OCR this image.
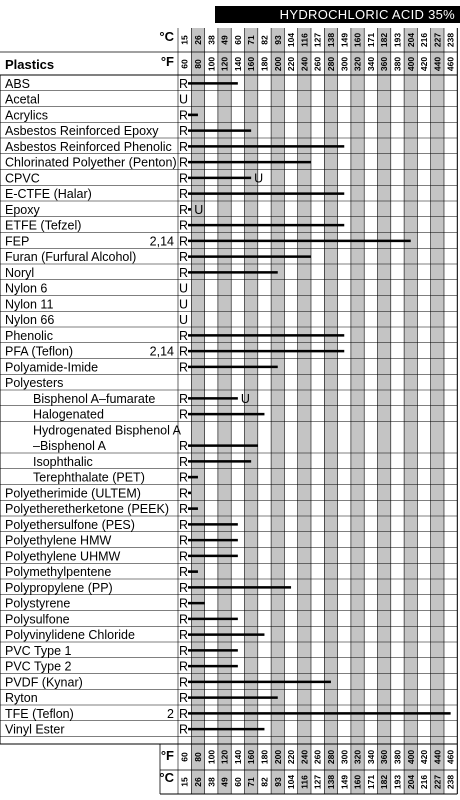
HYDROCHLORIC ACID 35%
°C
°F
Plastics
°F
°C
15
60
60
15
26
80
80
26
38
100
100
38
49
120
120
49
60
140
140
60
71
160
160
71
82
180
180
82
93
200
200
93
104
220
220
104
116
240
240
116
127
260
260
127
138
280
280
138
149
300
300
149
160
320
320
160
171
340
340
171
182
360
360
182
193
380
380
193
204
400
400
204
216
420
420
216
227
440
440
227
238
460
460
238
ABS	R
Acetal	U
Acrylics	R
Asbestos Reinforced Epoxy R
Asbestos Reinforced Phenolic R
Chlorinated Polyether (Penton) R
CPVC	R	U
E-CTFE (Halar)	R
Epoxy	R U
ETFE (Tefzel)	R
FEP	2,14 R
Furan (Furfural Alcohol)	R
Noryl	R
Nylon 6	U
Nylon 11	U
Nylon 66	U
Phenolic	R
PFA (Teflon)	2,14 R
Polyamide-Imide	R
Polyesters
Bisphenol A–fumarate R	U
Halogenated	R
Hydrogenated Bisphenol A
–Bisphenol A	R
Isophthalic	R
Terephthalate (PET)	R
Polyetherimide (ULTEM)	R
Polyetheretherketone (PEEK) R
Polyethersulfone (PES)	R
Polyethylene HMW	R
Polyethylene UHMW	R
Polymethylpentene	R
Polypropylene (PP)	R
Polystyrene	R
Polysulfone	R
Polyvinylidene Chloride	R
PVC Type 1	R
PVC Type 2	R
PVDF (Kynar)	R
Ryton	R
TFE (Teflon)	2 R
Vinyl Ester	R
